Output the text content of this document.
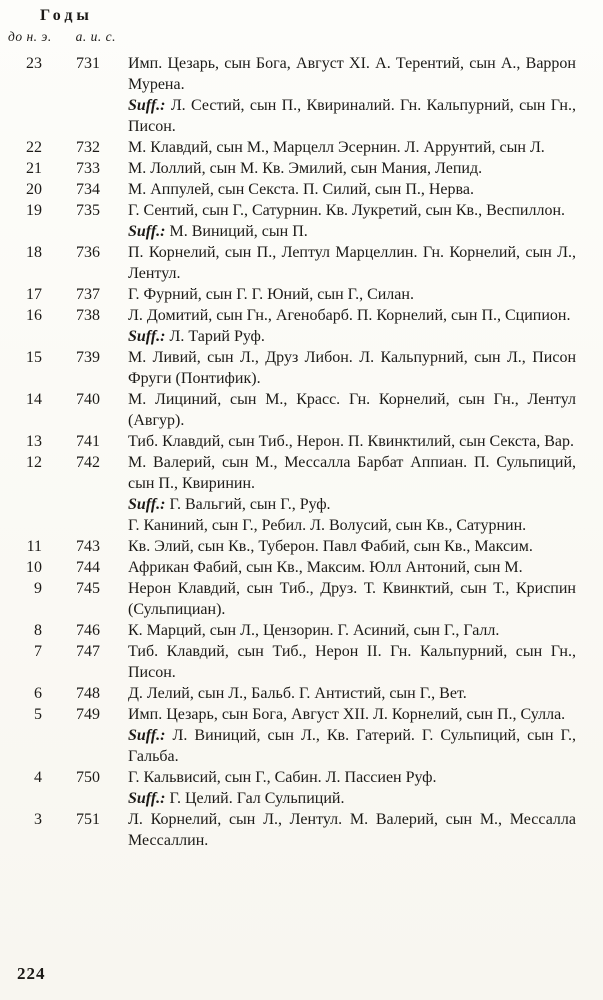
Годы
до н. э. а. и. с.
23	731 Имп. Цезарь, сын Бога, Август XI. А. Терентий, сын А., Варрон Мурена.

Suff.: Л. Сестий, сын П., Квириналий. Гн. Кальпурний, сын Гн., Писон.

22	732 М. Клавдий, сын М., Марцелл Эсернин. Л. Аррунтий, сын Л.

21	733 М. Лоллий, сын М. Кв. Эмилий, сын Мания, Лепид.

20	734 М. Аппулей, сын Секста. П. Силий, сын П., Нерва.

19	735 Г. Сентий, сын Г., Сатурнин. Кв. Лукретий, сын Кв., Веспиллон.

Suff.: М. Виниций, сын П.

18	736 П. Корнелий, сын П., Лептул Марцеллин. Гн. Корнелий, сын Л., Лентул.

17	737 Г. Фурний, сын Г. Г. Юний, сын Г., Силан.

16	738 Л. Домитий, сын Гн., Агенобарб. П. Корнелий, сын П., Сципион.

Suff.: Л. Тарий Руф.

15	739 М. Ливий, сын Л., Друз Либон. Л. Кальпурний, сын Л., Писон Фруги (Понтифик).

14	740 М. Лициний, сын М., Красс. Гн. Корнелий, сын Гн., Лентул (Авгур).

13	741 Тиб. Клавдий, сын Тиб., Нерон. П. Квинктилий, сын Секста, Вар.

12	742 М. Валерий, сын М., Мессалла Барбат Аппиан. П. Сульпиций, сын П., Квиринин.

Suff.: Г. Вальгий, сын Г., Руф.

Г. Каниний, сын Г., Ребил. Л. Волусий, сын Кв., Сатурнин.

11	743 Кв. Элий, сын Кв., Туберон. Павл Фабий, сын Кв., Максим.

10	744 Африкан Фабий, сын Кв., Максим. Юлл Антоний, сын М.

9	745 Нерон Клавдий, сын Тиб., Друз. Т. Квинктий, сын Т., Криспин (Сульпициан).

8	746 К. Марций, сын Л., Цензорин. Г. Асиний, сын Г., Галл.

7	747 Тиб. Клавдий, сын Тиб., Нерон II. Гн. Кальпурний, сын Гн., Писон.

6	748 Д. Лелий, сын Л., Бальб. Г. Антистий, сын Г., Вет.

5	749 Имп. Цезарь, сын Бога, Август XII. Л. Корнелий, сын П., Сулла.

Suff.: Л. Виниций, сын Л., Кв. Гатерий. Г. Сульпиций, сын Г., Гальба.

4	750 Г. Кальвисий, сын Г., Сабин. Л. Пассиен Руф.

Suff.: Г. Целий. Гал Сульпиций.

3	751 Л. Корнелий, сын Л., Лентул. М. Валерий, сын М., Мессалла Мессаллин.

224
